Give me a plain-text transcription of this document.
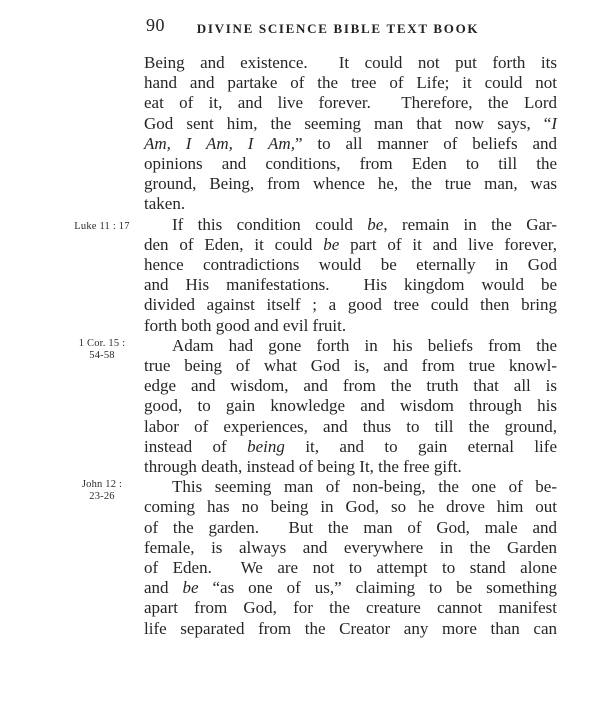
90 DIVINE SCIENCE BIBLE TEXT BOOK
Luke 11 : 17
1 Cor. 15 :
54-58
John 12 :
23-26
Being and existence.  It could not put forth its
hand and partake of the tree of Life; it could not
eat of it, and live forever.  Therefore, the Lord
God sent him, the seeming man that now says, “I
Am, I Am, I Am,” to all manner of beliefs and
opinions and conditions, from Eden to till the
ground, Being, from whence he, the true man, was
taken.
If this condition could be, remain in the Gar-
den of Eden, it could be part of it and live forever,
hence contradictions would be eternally in God
and His manifestations.  His kingdom would be
divided against itself ; a good tree could then bring
forth both good and evil fruit.
Adam had gone forth in his beliefs from the
true being of what God is, and from true knowl-
edge and wisdom, and from the truth that all is
good, to gain knowledge and wisdom through his
labor of experiences, and thus to till the ground,
instead of being it, and to gain eternal life
through death, instead of being It, the free gift.
This seeming man of non-being, the one of be-
coming has no being in God, so he drove him out
of the garden.  But the man of God, male and
female, is always and everywhere in the Garden
of Eden.  We are not to attempt to stand alone
and be “as one of us,” claiming to be something
apart from God, for the creature cannot manifest
life separated from the Creator any more than can
